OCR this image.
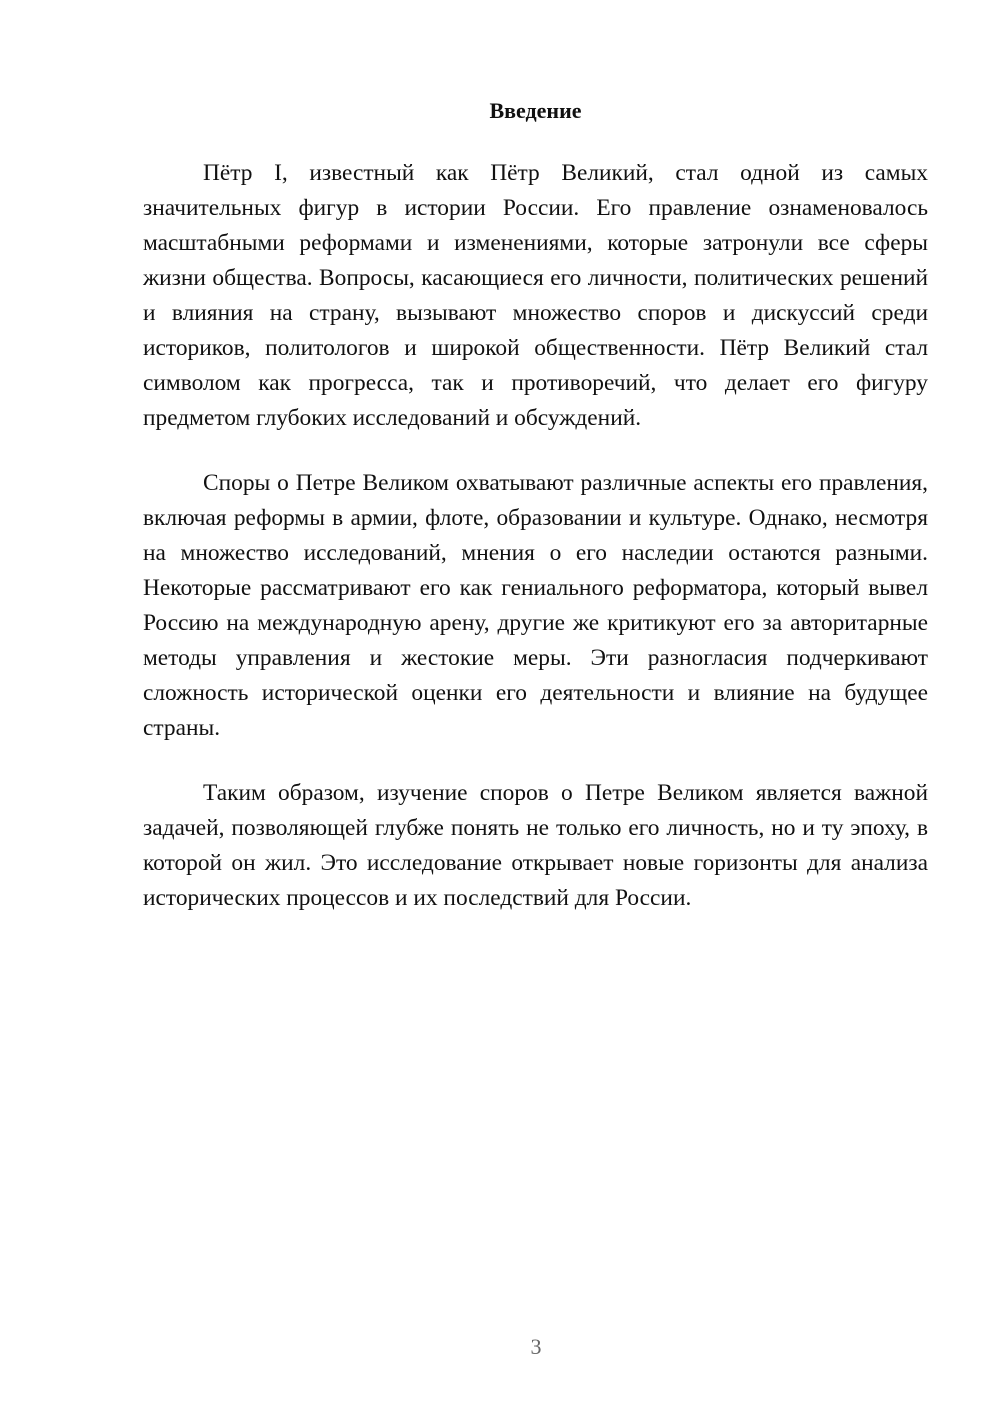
Введение

Пётр I, известный как Пётр Великий, стал одной из самых значительных фигур в истории России. Его правление ознаменовалось масштабными реформами и изменениями, которые затронули все сферы жизни общества. Вопросы, касающиеся его личности, политических решений и влияния на страну, вызывают множество споров и дискуссий среди историков, политологов и широкой общественности. Пётр Великий стал символом как прогресса, так и противоречий, что делает его фигуру предметом глубоких исследований и обсуждений.

Споры о Петре Великом охватывают различные аспекты его правления, включая реформы в армии, флоте, образовании и культуре. Однако, несмотря на множество исследований, мнения о его наследии остаются разными. Некоторые рассматривают его как гениального реформатора, который вывел Россию на международную арену, другие же критикуют его за авторитарные методы управления и жестокие меры. Эти разногласия подчеркивают сложность исторической оценки его деятельности и влияние на будущее страны.

Таким образом, изучение споров о Петре Великом является важной задачей, позволяющей глубже понять не только его личность, но и ту эпоху, в которой он жил. Это исследование открывает новые горизонты для анализа исторических процессов и их последствий для России.

3
